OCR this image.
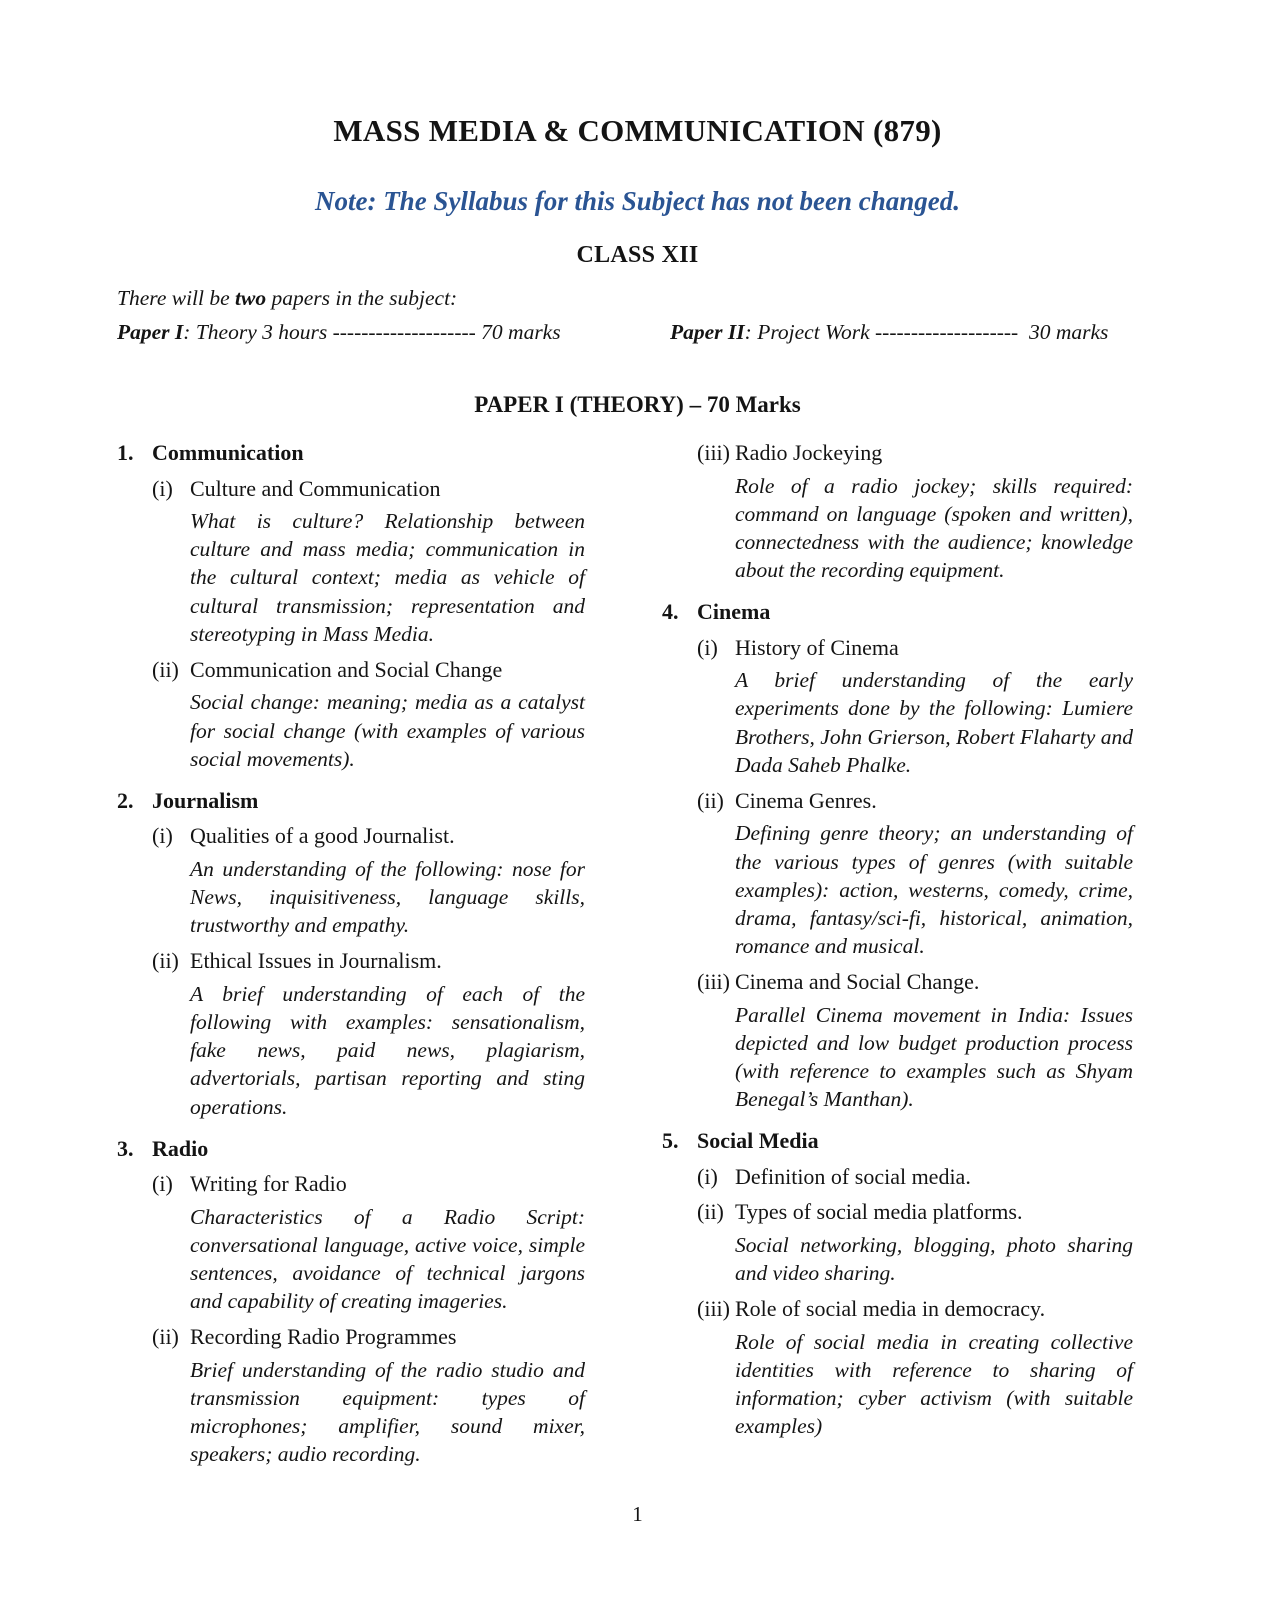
MASS MEDIA & COMMUNICATION (879)
Note: The Syllabus for this Subject has not been changed.
CLASS XII

There will be two papers in the subject:

Paper I: Theory 3 hours -------------------- 70 marks	Paper II: Project Work --------------------  30 marks
PAPER I (THEORY) – 70 Marks
1. Communication
(i) Culture and Communication

What is culture? Relationship between culture and mass media; communication in the cultural context; media as vehicle of cultural transmission; representation and stereotyping in Mass Media.

(ii) Communication and Social Change

Social change: meaning; media as a catalyst for social change (with examples of various social movements).

2. Journalism
(i) Qualities of a good Journalist.

An understanding of the following: nose for News, inquisitiveness, language skills, trustworthy and empathy.

(ii) Ethical Issues in Journalism.

A brief understanding of each of the following with examples: sensationalism, fake news, paid news, plagiarism, advertorials, partisan reporting and sting operations.

3. Radio
(i) Writing for Radio

Characteristics of a Radio Script: conversational language, active voice, simple sentences, avoidance of technical jargons and capability of creating imageries.

(ii) Recording Radio Programmes

Brief understanding of the radio studio and transmission equipment: types of microphones; amplifier, sound mixer, speakers; audio recording.

(iii) Radio Jockeying

Role of a radio jockey; skills required: command on language (spoken and written), connectedness with the audience; knowledge about the recording equipment.

4. Cinema
(i) History of Cinema

A brief understanding of the early experiments done by the following: Lumiere Brothers, John Grierson, Robert Flaharty and Dada Saheb Phalke.

(ii) Cinema Genres.

Defining genre theory; an understanding of the various types of genres (with suitable examples): action, westerns, comedy, crime, drama, fantasy/sci-fi, historical, animation, romance and musical.

(iii) Cinema and Social Change.

Parallel Cinema movement in India: Issues depicted and low budget production process (with reference to examples such as Shyam Benegal’s Manthan).

5. Social Media
(i) Definition of social media.
(ii) Types of social media platforms.

Social networking, blogging, photo sharing and video sharing.

(iii) Role of social media in democracy.

Role of social media in creating collective identities with reference to sharing of information; cyber activism (with suitable examples)

1
